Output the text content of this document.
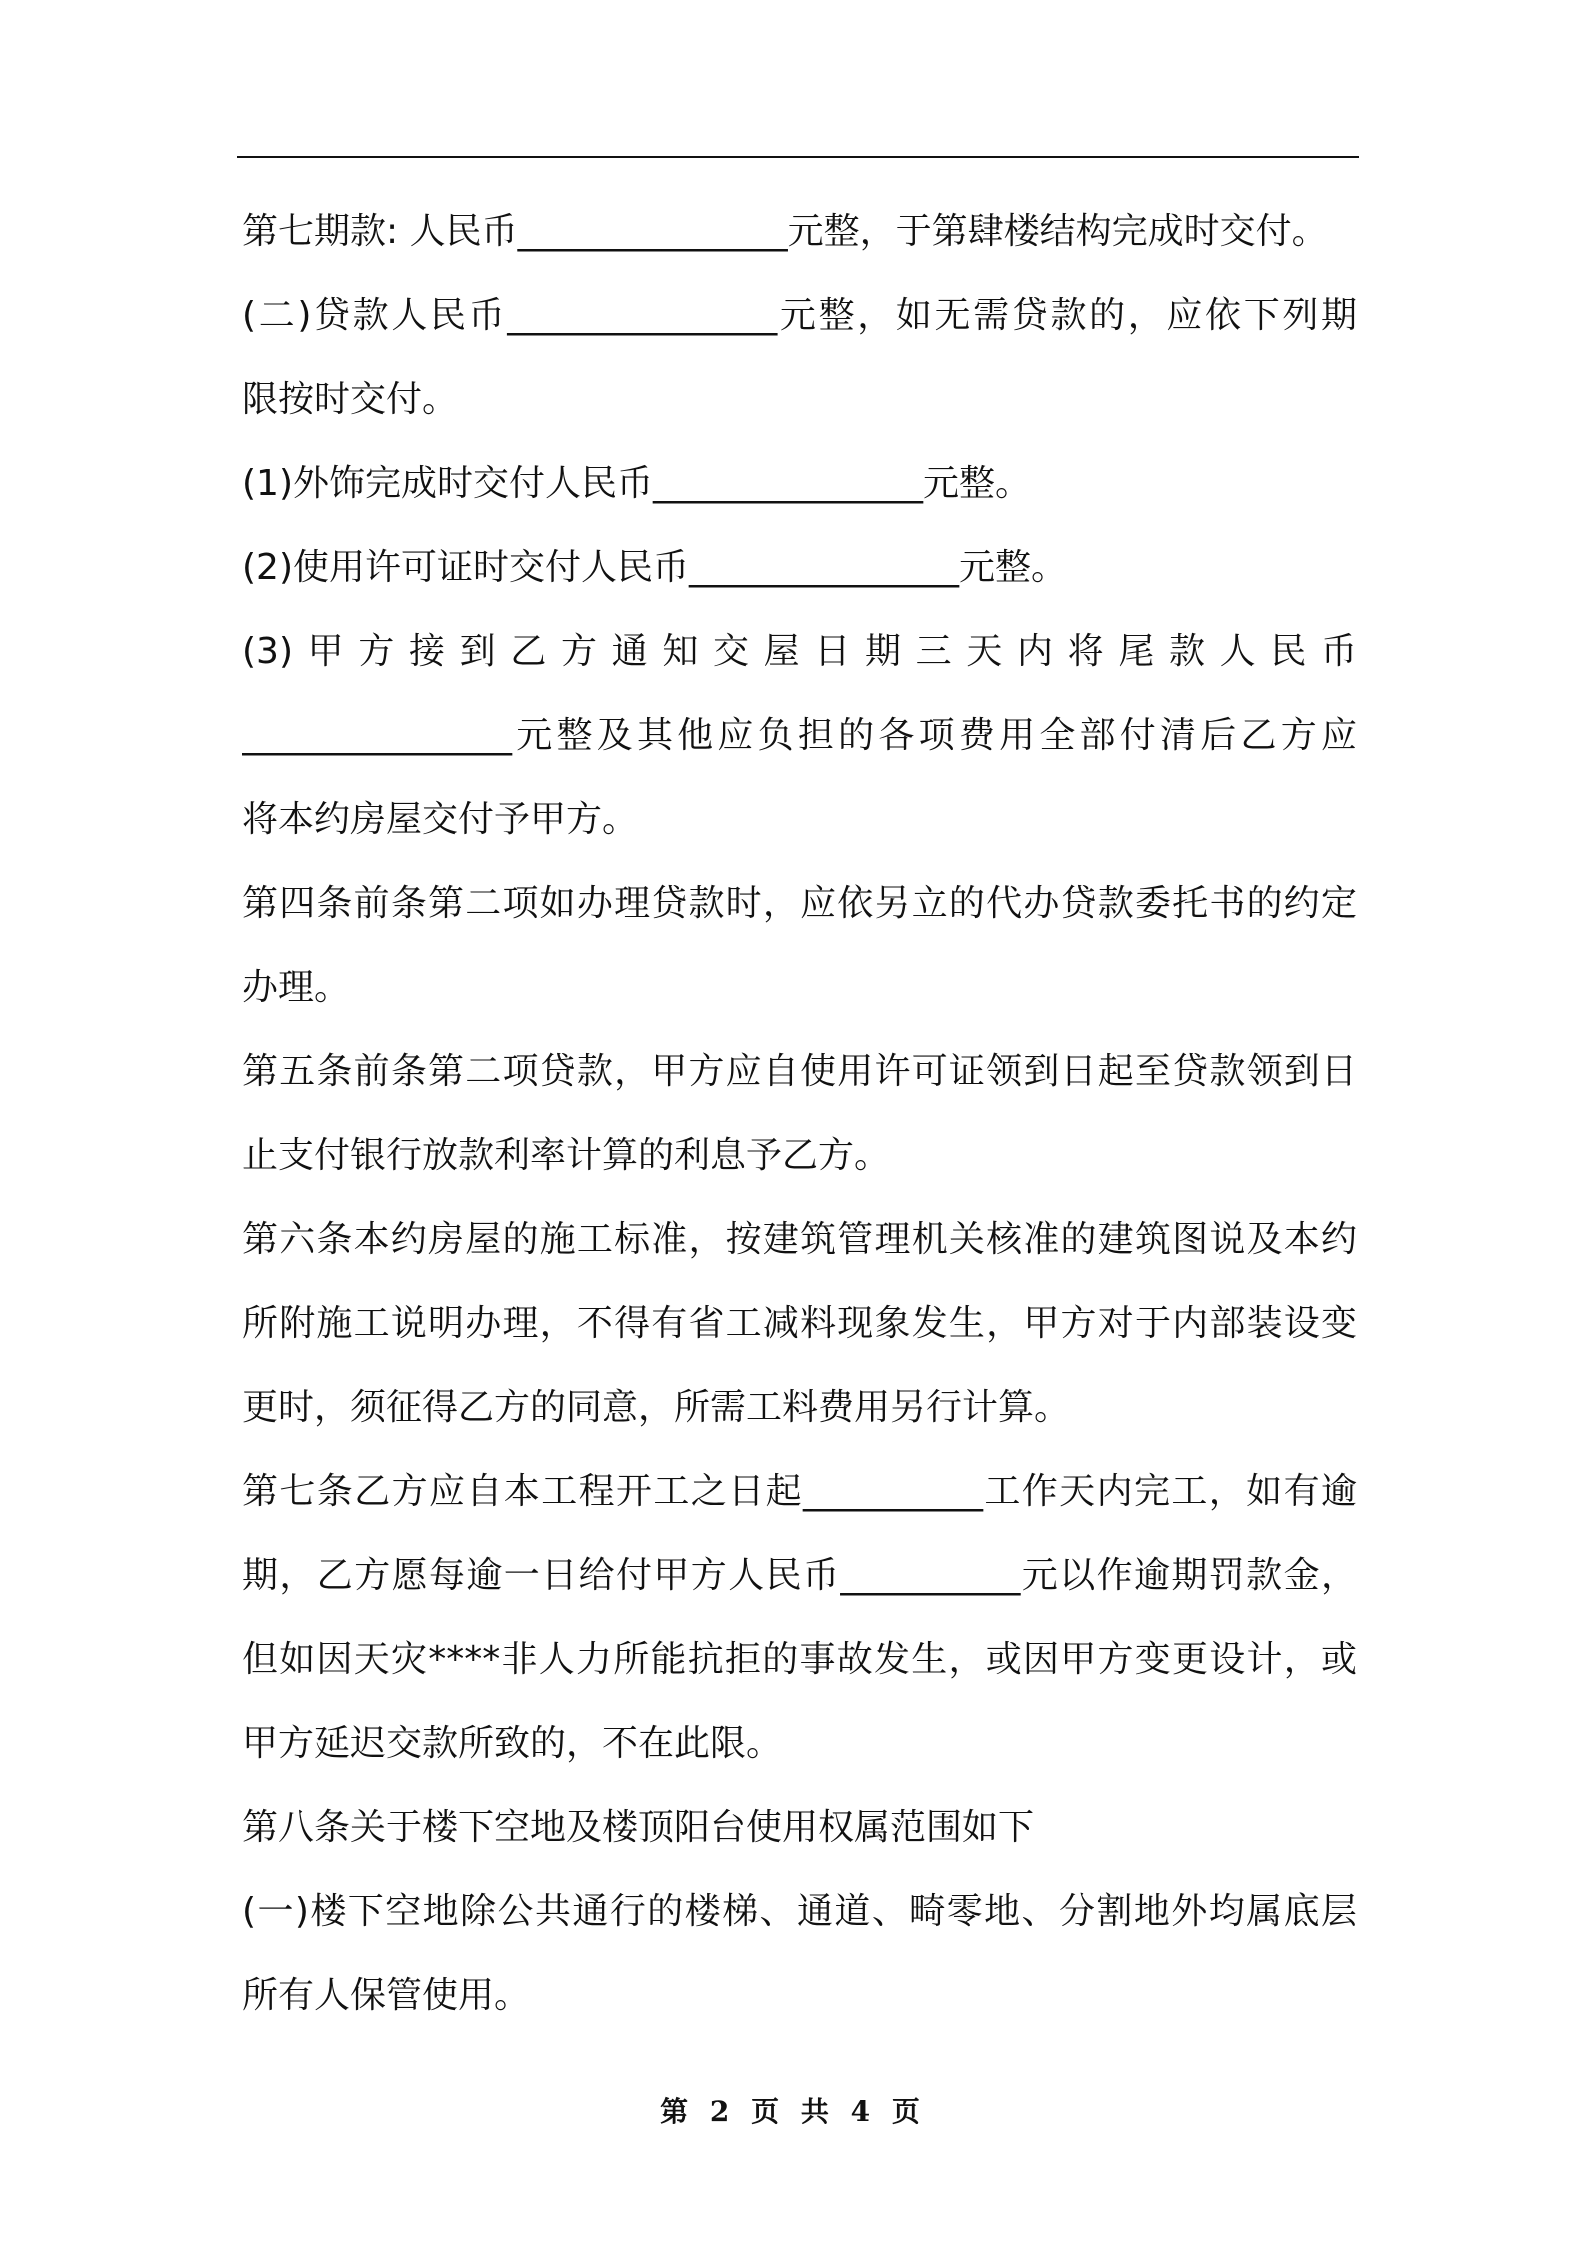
第七期款: 人民币_______________元整，于第肆楼结构完成时交付。
(二)贷款人民币_______________元整，如无需贷款的，应依下列期
限按时交付。
(1)外饰完成时交付人民币_______________元整。
(2)使用许可证时交付人民币_______________元整。
(3)甲方接到乙方通知交屋日期三天内将尾款人民币
_______________元整及其他应负担的各项费用全部付清后乙方应
将本约房屋交付予甲方。
第四条前条第二项如办理贷款时，应依另立的代办贷款委托书的约定
办理。
第五条前条第二项贷款，甲方应自使用许可证领到日起至贷款领到日
止支付银行放款利率计算的利息予乙方。
第六条本约房屋的施工标准，按建筑管理机关核准的建筑图说及本约
所附施工说明办理，不得有省工减料现象发生，甲方对于内部装设变
更时，须征得乙方的同意，所需工料费用另行计算。
第七条乙方应自本工程开工之日起__________工作天内完工，如有逾
期，乙方愿每逾一日给付甲方人民币__________元以作逾期罚款金，
但如因天灾****非人力所能抗拒的事故发生，或因甲方变更设计，或
甲方延迟交款所致的，不在此限。
第八条关于楼下空地及楼顶阳台使用权属范围如下
(一)楼下空地除公共通行的楼梯、通道、畸零地、分割地外均属底层
所有人保管使用。
第 2 页 共 4 页
